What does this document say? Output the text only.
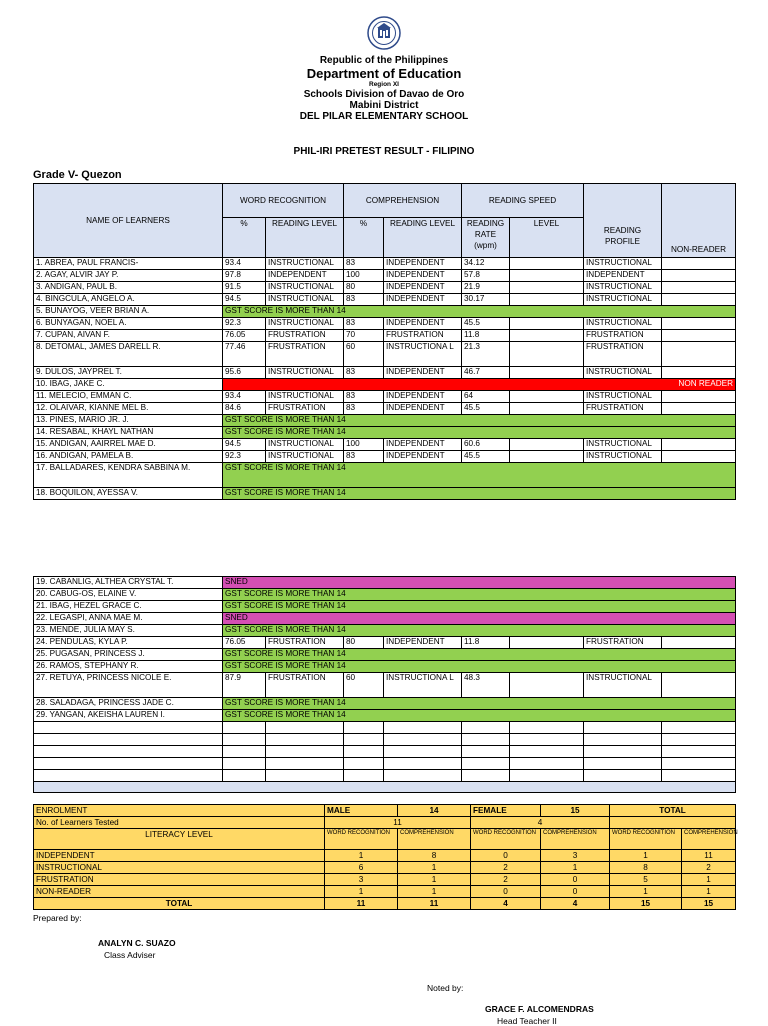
Republic of the Philippines
Department of Education
Region XI
Schools Division of Davao de Oro
Mabini District
DEL PILAR ELEMENTARY SCHOOL
PHIL-IRI PRETEST RESULT - FILIPINO
Grade V- Quezon
NAME OF LEARNERS	WORD RECOGNITION		COMPREHENSION		READING SPEED		READING PROFILE	NON-READER
	%	READING LEVEL	%	READING LEVEL	READING RATE (wpm)	LEVEL		
1. ABREA, PAUL FRANCIS-	93.4	INSTRUCTIONAL	83	INDEPENDENT	34.12		INSTRUCTIONAL	
2. AGAY, ALVIR JAY P.	97.8	INDEPENDENT	100	INDEPENDENT	57.8		INDEPENDENT	
3. ANDIGAN, PAUL B.	91.5	INSTRUCTIONAL	80	INDEPENDENT	21.9		INSTRUCTIONAL	
4. BINGCULA, ANGELO A.	94.5	INSTRUCTIONAL	83	INDEPENDENT	30.17		INSTRUCTIONAL	
5. BUNAYOG, VEER BRIAN A.	GST SCORE IS MORE THAN 14							
6. BUNYAGAN, NOEL A.	92.3	INSTRUCTIONAL	83	INDEPENDENT	45.5		INSTRUCTIONAL	
7. CUPAN, AIVAN F.	76.05	FRUSTRATION	70	FRUSTRATION	11.8		FRUSTRATION	
8. DETOMAL, JAMES DARELL R.	77.46	FRUSTRATION	60	INSTRUCTIONA L	21.3		FRUSTRATION	
9. DULOS, JAYPREL T.	95.6	INSTRUCTIONAL	83	INDEPENDENT	46.7		INSTRUCTIONAL	
10. IBAG, JAKE C.	NON READER							
11. MELECIO, EMMAN C.	93.4	INSTRUCTIONAL	83	INDEPENDENT	64		INSTRUCTIONAL	
12. OLAIVAR, KIANNE MEL B.	84.6	FRUSTRATION	83	INDEPENDENT	45.5		FRUSTRATION	
13. PINES, MARIO JR. J.	GST SCORE IS MORE THAN 14							
14. RESABAL, KHAYL NATHAN	GST SCORE IS MORE THAN 14							
15. ANDIGAN, AAIRREL MAE D.	94.5	INSTRUCTIONAL	100	INDEPENDENT	60.6		INSTRUCTIONAL	
16. ANDIGAN, PAMELA B.	92.3	INSTRUCTIONAL	83	INDEPENDENT	45.5		INSTRUCTIONAL	
17. BALLADARES, KENDRA SABBINA M.	GST SCORE IS MORE THAN 14							
18. BOQUILON, AYESSA V.	GST SCORE IS MORE THAN 14							
19. CABANLIG, ALTHEA CRYSTAL T.	SNED							
20. CABUG-OS, ELAINE V.	GST SCORE IS MORE THAN 14							
21. IBAG, HEZEL GRACE C.	GST SCORE IS MORE THAN 14							
22. LEGASPI, ANNA MAE M.	SNED							
23. MENDE, JULIA MAY S.	GST SCORE IS MORE THAN 14							
24. PENDULAS, KYLA P.	76.05	FRUSTRATION	80	INDEPENDENT	11.8		FRUSTRATION	
25. PUGASAN, PRINCESS J.	GST SCORE IS MORE THAN 14							
26. RAMOS, STEPHANY R.	GST SCORE IS MORE THAN 14							
27. RETUYA, PRINCESS NICOLE E.	87.9	FRUSTRATION	60	INSTRUCTIONA L	48.3		INSTRUCTIONAL	
28. SALADAGA, PRINCESS JADE C.	GST SCORE IS MORE THAN 14							
29. YANGAN, AKEISHA LAUREN I.	GST SCORE IS MORE THAN 14							

ENROLMENT	MALE	14	FEMALE	15	TOTAL	
No. of Learners Tested	11		4			
LITERACY LEVEL	WORD RECOGNITION	COMPREHENSION	WORD RECOGNITION	COMPREHENSION	WORD RECOGNITION	COMPREHENSION
INDEPENDENT	1	8	0	3	1	11
INSTRUCTIONAL	6	1	2	1	8	2
FRUSTRATION	3	1	2	0	5	1
NON-READER	1	1	0	0	1	1
TOTAL	11	11	4	4	15	15
Prepared by:
ANALYN C. SUAZO
Class Adviser
Noted by:
GRACE F. ALCOMENDRAS
Head Teacher II
